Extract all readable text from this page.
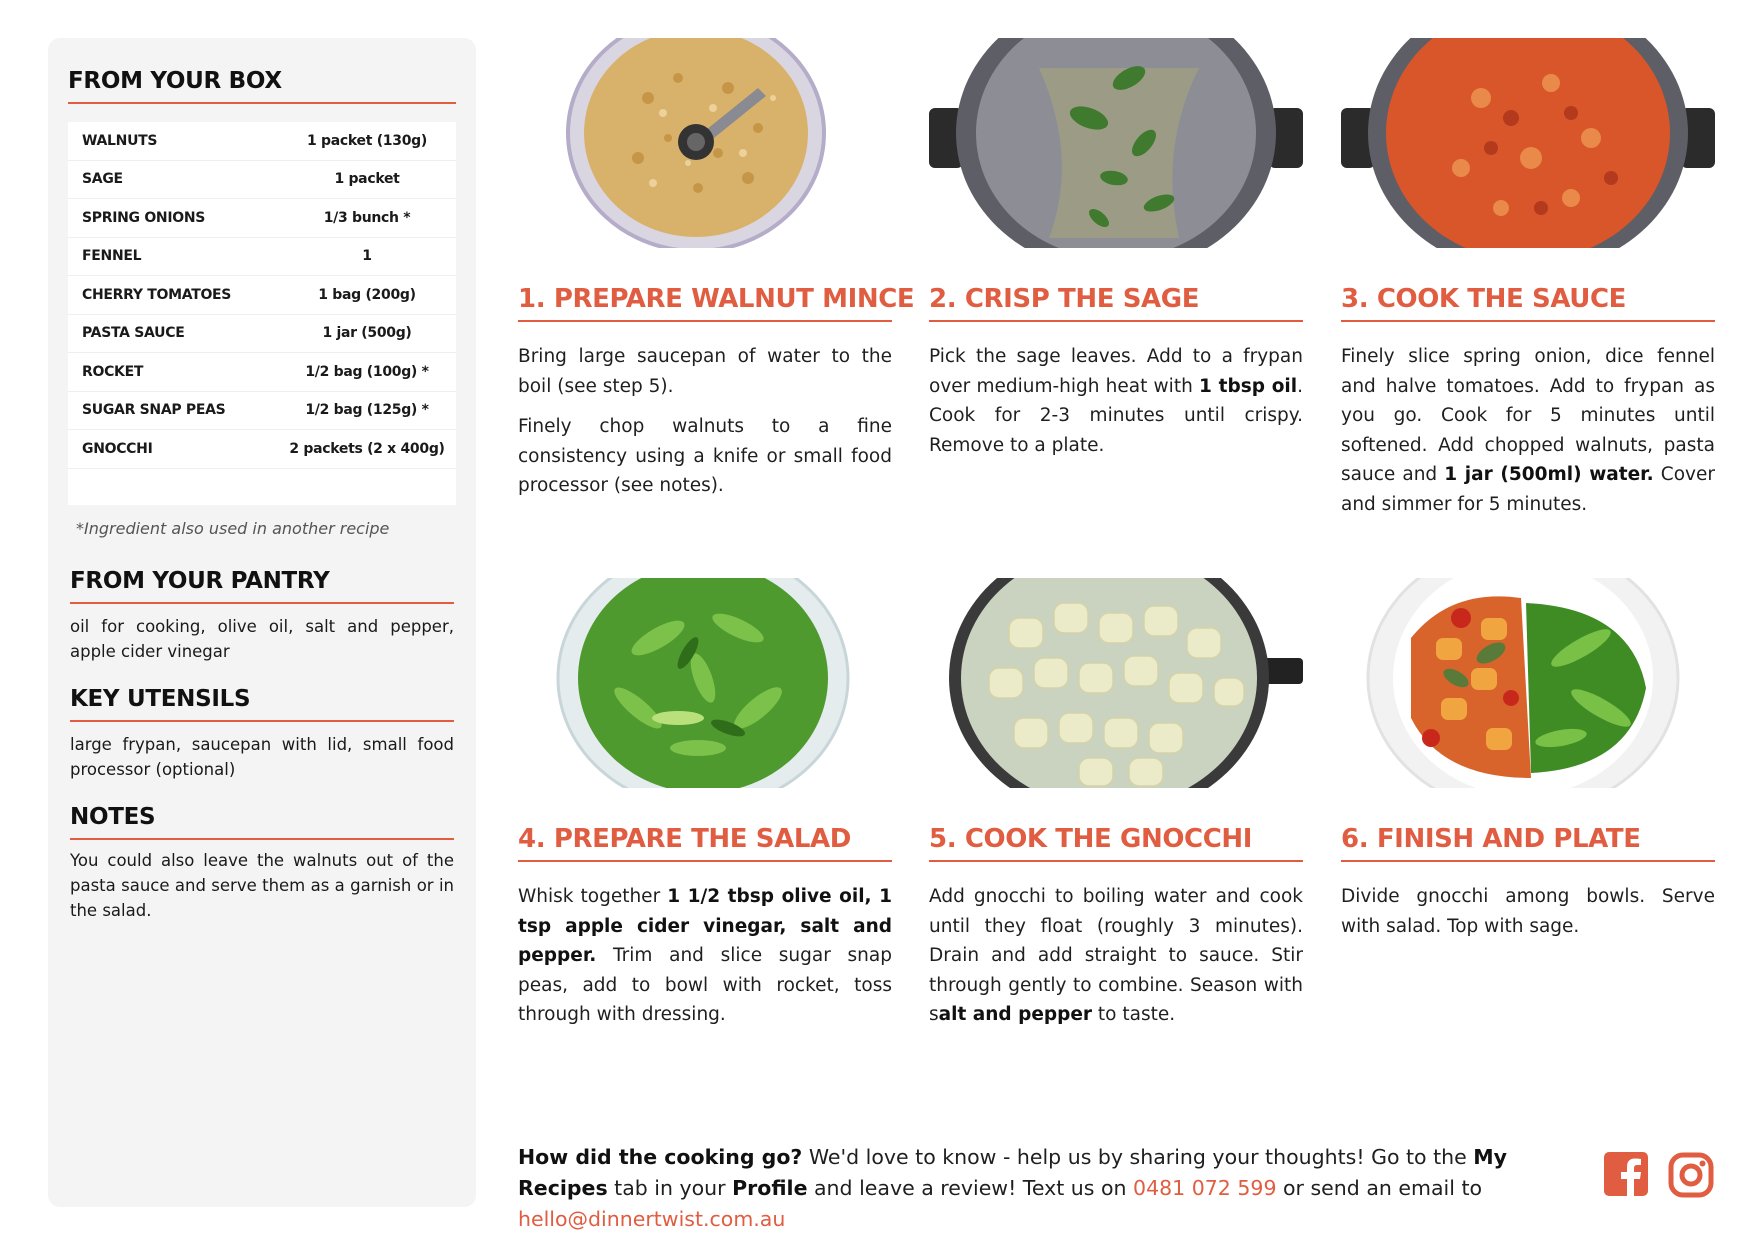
FROM YOUR BOX
WALNUTS	1 packet (130g)
SAGE	1 packet
SPRING ONIONS	1/3 bunch *
FENNEL	1
CHERRY TOMATOES	1 bag (200g)
PASTA SAUCE	1 jar (500g)
ROCKET	1/2 bag (100g) *
SUGAR SNAP PEAS	1/2 bag (125g) *
GNOCCHI	2 packets (2 x 400g)
*Ingredient also used in another recipe
FROM YOUR PANTRY
oil for cooking, olive oil, salt and pepper, apple cider vinegar
KEY UTENSILS
large frypan, saucepan with lid, small food processor (optional)
NOTES
You could also leave the walnuts out of the pasta sauce and serve them as a garnish or in the salad.
1. PREPARE WALNUT MINCE

Bring large saucepan of water to the boil (see step 5).

Finely chop walnuts to a fine consistency using a knife or small food processor (see notes).

2. CRISP THE SAGE

Pick the sage leaves. Add to a frypan over medium-high heat with 1 tbsp oil. Cook for 2-3 minutes until crispy. Remove to a plate.

3. COOK THE SAUCE

Finely slice spring onion, dice fennel and halve tomatoes. Add to frypan as you go. Cook for 5 minutes until softened. Add chopped walnuts, pasta sauce and 1 jar (500ml) water. Cover and simmer for 5 minutes.

4. PREPARE THE SALAD

Whisk together 1 1/2 tbsp olive oil, 1 tsp apple cider vinegar, salt and pepper. Trim and slice sugar snap peas, add to bowl with rocket, toss through with dressing.

5. COOK THE GNOCCHI

Add gnocchi to boiling water and cook until they float (roughly 3 minutes). Drain and add straight to sauce. Stir through gently to combine. Season with salt and pepper to taste.

6. FINISH AND PLATE

Divide gnocchi among bowls. Serve with salad. Top with sage.

How did the cooking go? We'd love to know - help us by sharing your thoughts! Go to the My Recipes tab in your Profile and leave a review! Text us on 0481 072 599 or send an email to hello@dinnertwist.com.au
